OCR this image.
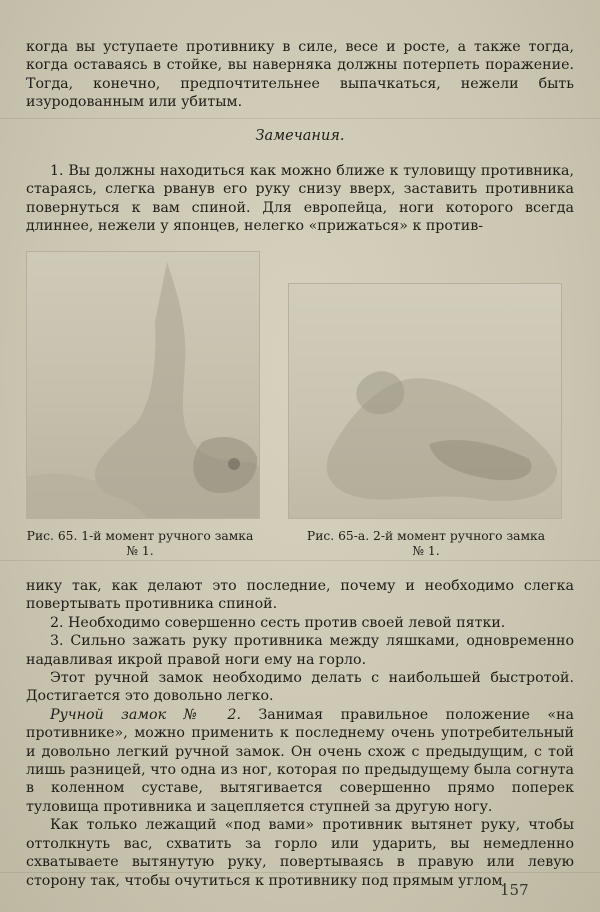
когда вы уступаете противнику в силе, весе и росте, а также тогда, когда оставаясь в стойке, вы наверняка должны потерпеть поражение. Тогда, конечно, предпочтительнее выпачкаться, нежели быть изуродованным или убитым.

Замечания.

1. Вы должны находиться как можно ближе к туловищу противника, стараясь, слегка рванув его руку снизу вверх, заставить противника повернуться к вам спиной. Для европейца, ноги которого всегда длиннее, нежели у японцев, нелегко «прижаться» к против-

Рис. 65. 1-й момент ручного замка
№ 1.
Рис. 65-а. 2-й момент ручного замка
№ 1.

нику так, как делают это последние, почему и необходимо слегка повертывать противника спиной.

2. Необходимо совершенно сесть против своей левой пятки.

3. Сильно зажать руку противника между ляшками, одновременно надавливая икрой правой ноги ему на горло.

Этот ручной замок необходимо делать с наибольшей быстротой. Достигается это довольно легко.

Ручной замок № 2. Занимая правильное положение «на противнике», можно применить к последнему очень употребительный и довольно легкий ручной замок. Он очень схож с предыдущим, с той лишь разницей, что одна из ног, которая по предыдущему была согнута в коленном суставе, вытягивается совершенно прямо поперек туловища противника и зацепляется ступней за другую ногу.

Как только лежащий «под вами» противник вытянет руку, чтобы оттолкнуть вас, схватить за горло или ударить, вы немедленно схватываете вытянутую руку, повертываясь в правую или левую сторону так, чтобы очутиться к противнику под прямым углом.

157
